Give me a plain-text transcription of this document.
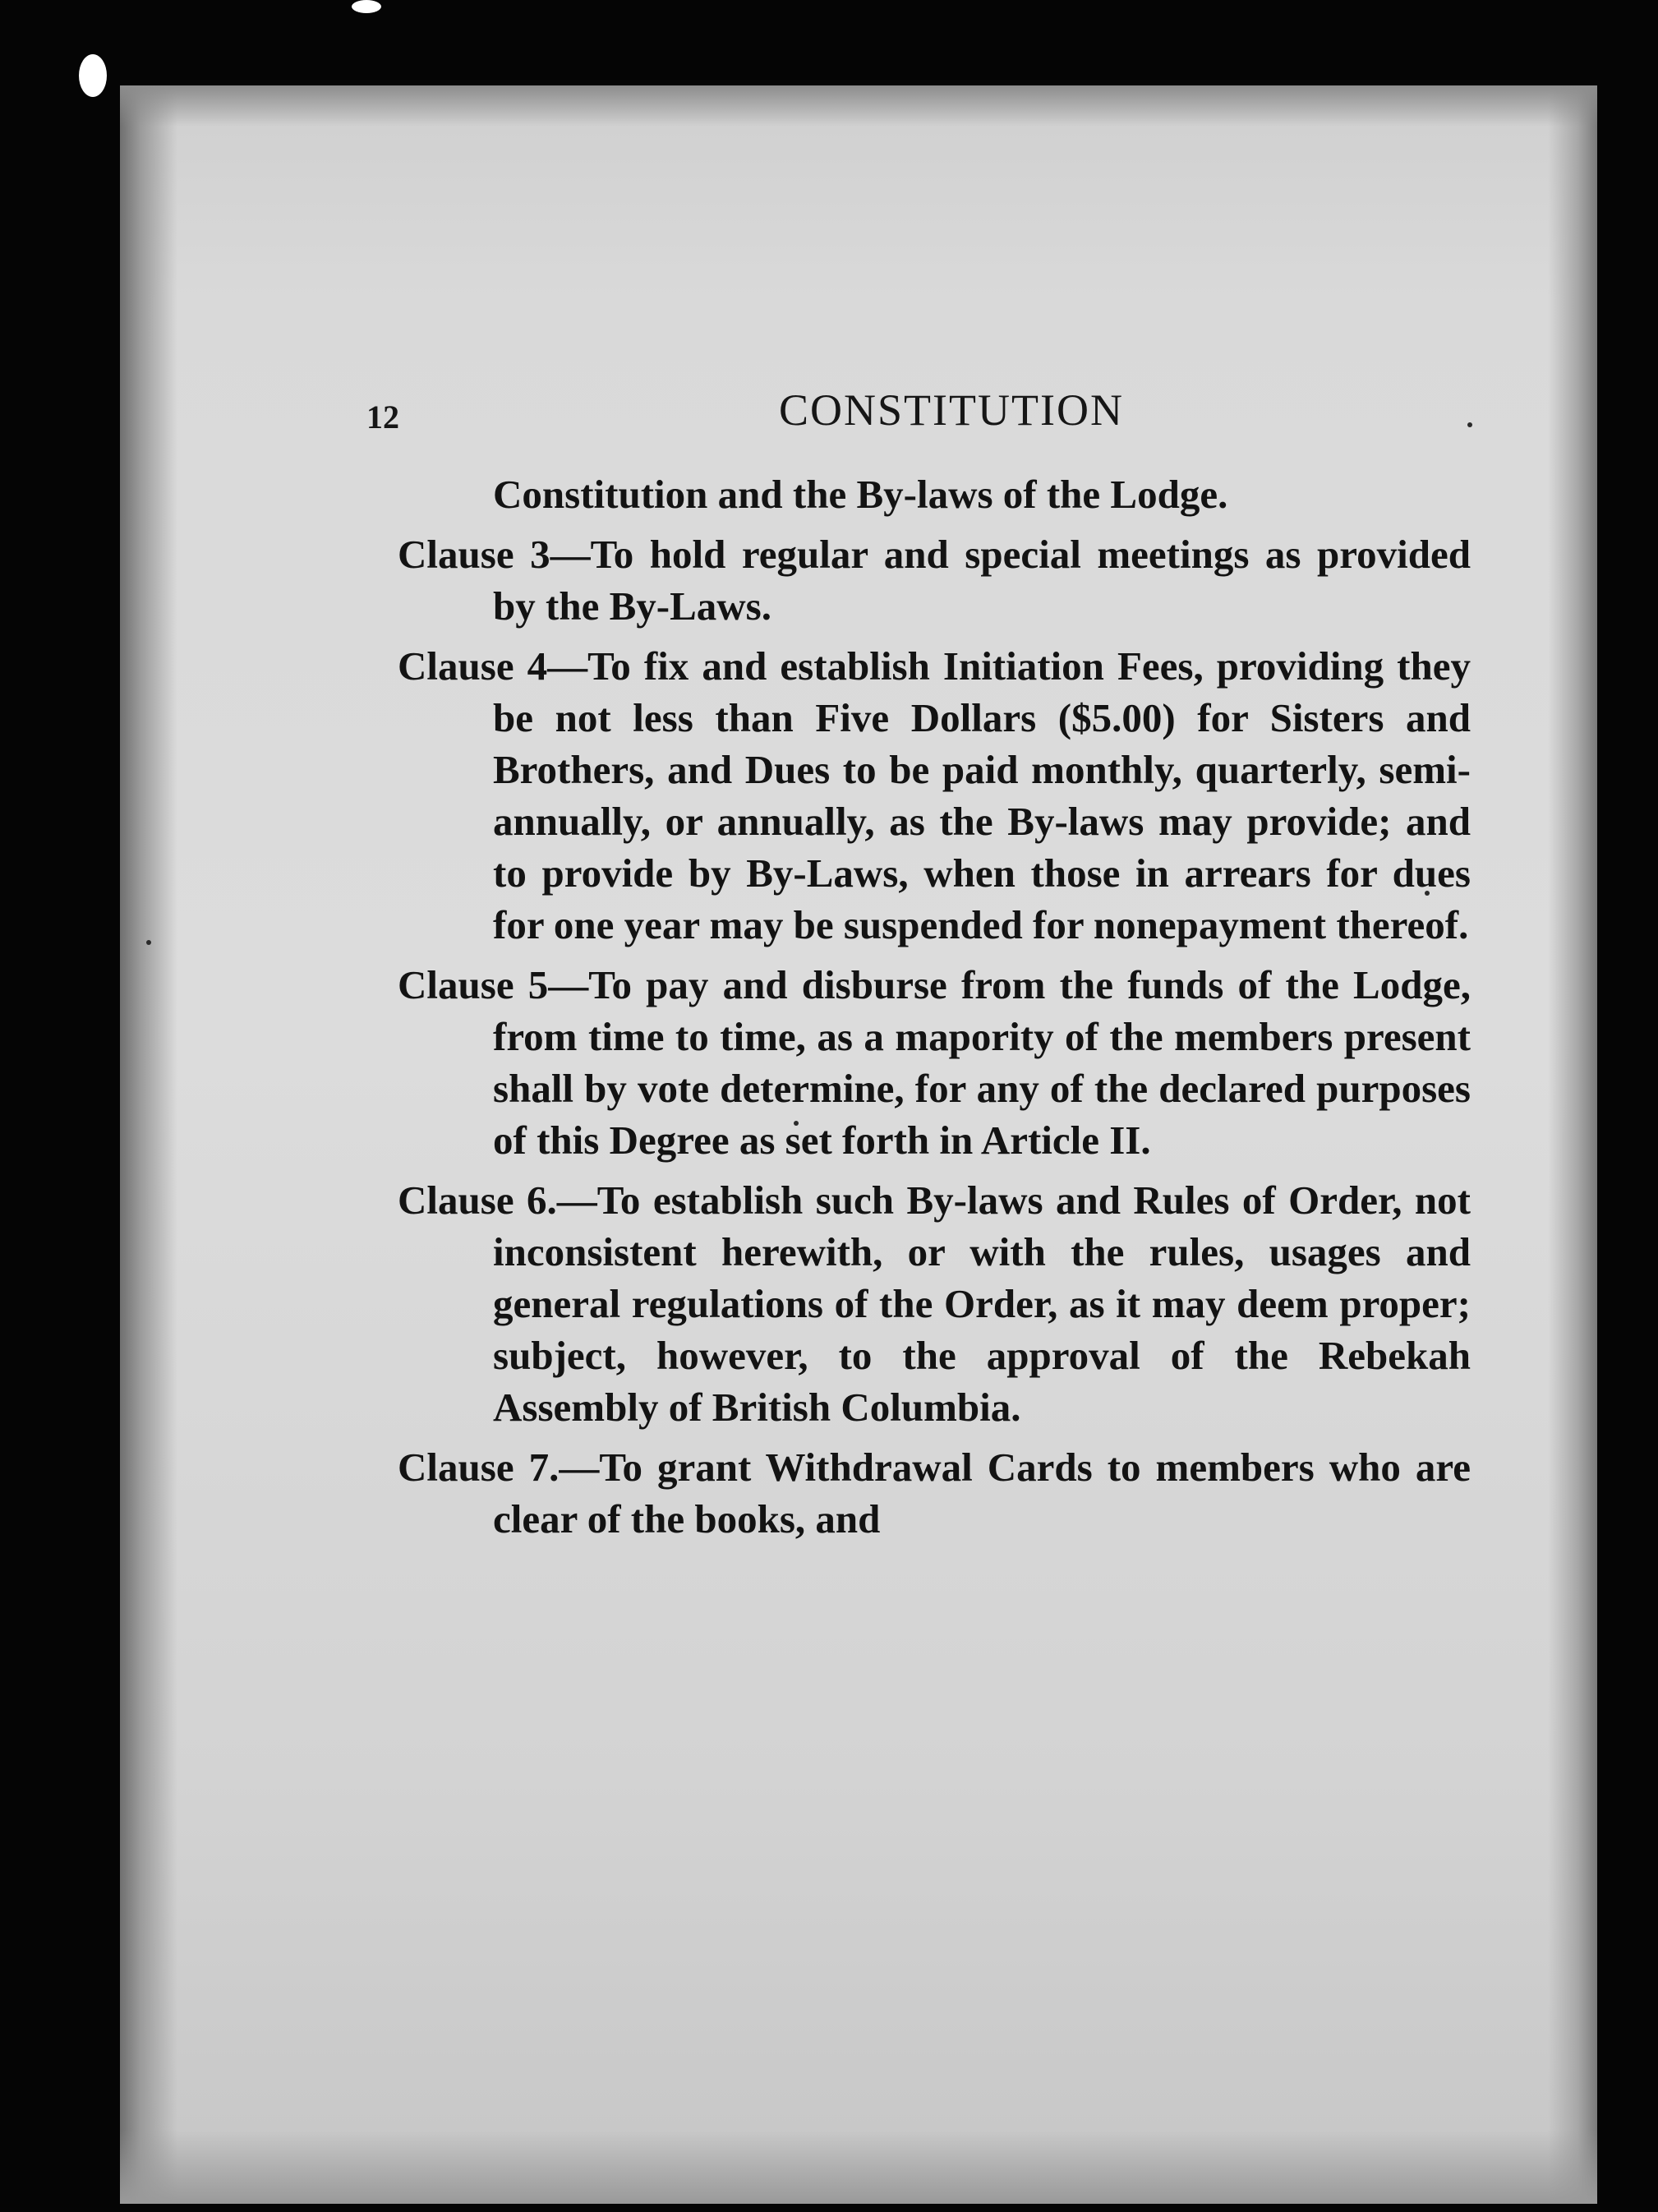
12	CONSTITUTION

Constitution and the By-laws of the Lodge.

Clause 3—To hold regular and special meetings as provided by the By-Laws.

Clause 4—To fix and establish Initiation Fees, providing they be not less than Five Dollars ($5.00) for Sisters and Brothers, and Dues to be paid monthly, quarterly, semi-annually, or annually, as the By-laws may provide; and to provide by By-Laws, when those in arrears for dues for one year may be suspended for nonepayment thereof.

Clause 5—To pay and disburse from the funds of the Lodge, from time to time, as a mapority of the members present shall by vote determine, for any of the declared purposes of this Degree as set forth in Article II.

Clause 6.—To establish such By-laws and Rules of Order, not inconsistent herewith, or with the rules, usages and general regulations of the Order, as it may deem proper; subject, however, to the approval of the Rebekah Assembly of British Columbia.

Clause 7.—To grant Withdrawal Cards to members who are clear of the books, and
